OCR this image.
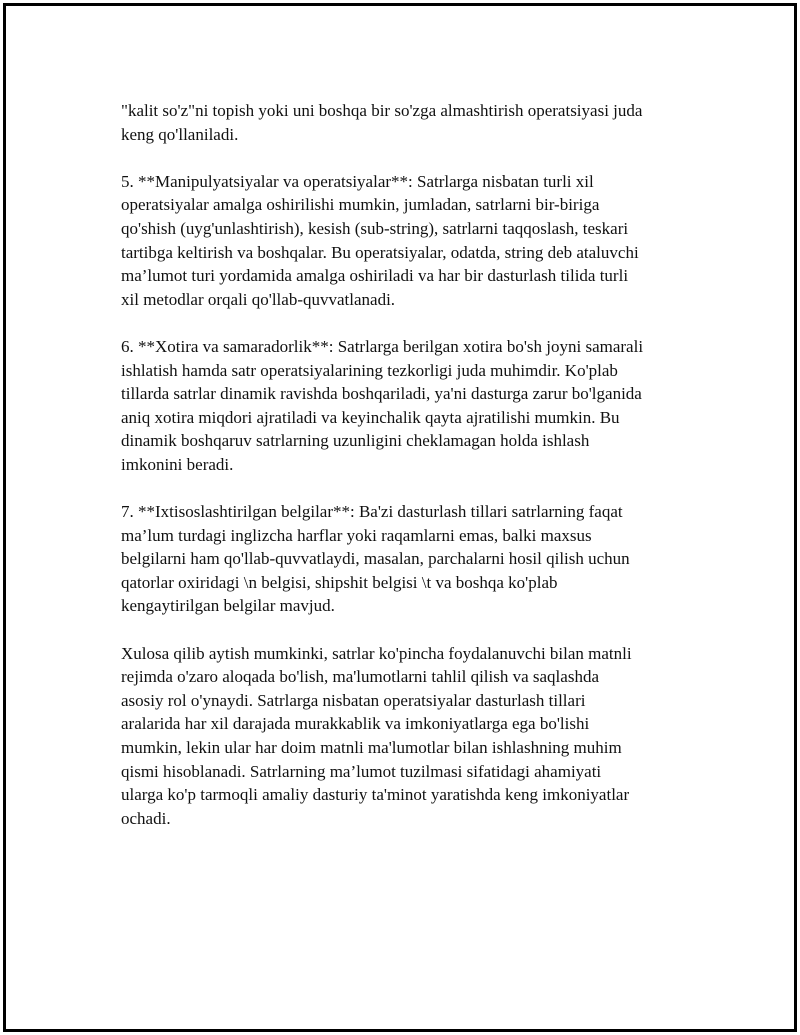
"kalit so'z"ni topish yoki uni boshqa bir so'zga almashtirish operatsiyasi juda
keng qo'llaniladi.
5. **Manipulyatsiyalar va operatsiyalar**: Satrlarga nisbatan turli xil
operatsiyalar amalga oshirilishi mumkin, jumladan, satrlarni bir-biriga
qo'shish (uyg'unlashtirish), kesish (sub-string), satrlarni taqqoslash, teskari
tartibga keltirish va boshqalar. Bu operatsiyalar, odatda, string deb ataluvchi
ma’lumot turi yordamida amalga oshiriladi va har bir dasturlash tilida turli
xil metodlar orqali qo'llab-quvvatlanadi.
6. **Xotira va samaradorlik**: Satrlarga berilgan xotira bo'sh joyni samarali
ishlatish hamda satr operatsiyalarining tezkorligi juda muhimdir. Ko'plab
tillarda satrlar dinamik ravishda boshqariladi, ya'ni dasturga zarur bo'lganida
aniq xotira miqdori ajratiladi va keyinchalik qayta ajratilishi mumkin. Bu
dinamik boshqaruv satrlarning uzunligini cheklamagan holda ishlash
imkonini beradi.
7. **Ixtisoslashtirilgan belgilar**: Ba'zi dasturlash tillari satrlarning faqat
ma’lum turdagi inglizcha harflar yoki raqamlarni emas, balki maxsus
belgilarni ham qo'llab-quvvatlaydi, masalan, parchalarni hosil qilish uchun
qatorlar oxiridagi \n belgisi, shipshit belgisi \t va boshqa ko'plab
kengaytirilgan belgilar mavjud.
Xulosa qilib aytish mumkinki, satrlar ko'pincha foydalanuvchi bilan matnli
rejimda o'zaro aloqada bo'lish, ma'lumotlarni tahlil qilish va saqlashda
asosiy rol o'ynaydi. Satrlarga nisbatan operatsiyalar dasturlash tillari
aralarida har xil darajada murakkablik va imkoniyatlarga ega bo'lishi
mumkin, lekin ular har doim matnli ma'lumotlar bilan ishlashning muhim
qismi hisoblanadi. Satrlarning ma’lumot tuzilmasi sifatidagi ahamiyati
ularga ko'p tarmoqli amaliy dasturiy ta'minot yaratishda keng imkoniyatlar
ochadi.
